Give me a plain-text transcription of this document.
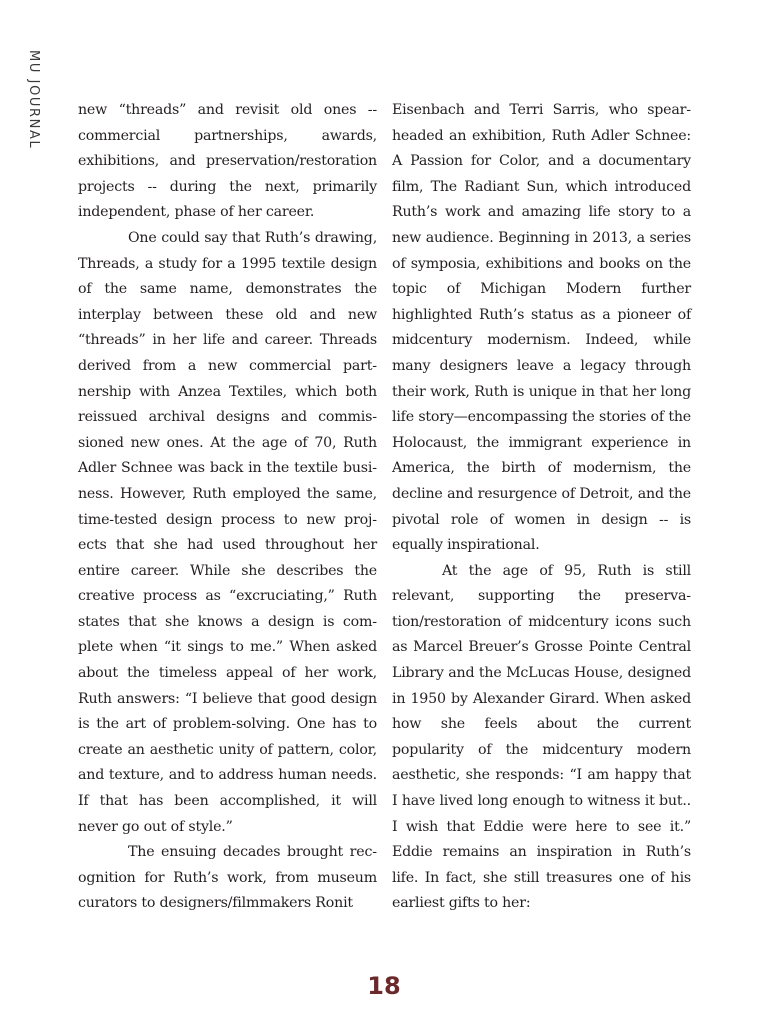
MU JOURNAL	new “threads” and revisit old ones -- commercial partnerships, awards, exhibitions, and preservation/restoration projects -- during the next, primarily independent, phase of her career.

One could say that Ruth’s drawing, Threads, a study for a 1995 textile design of the same name, demonstrates the interplay between these old and new “threads” in her life and career. Threads derived from a new commercial partnership with Anzea Textiles, which both reissued archival designs and commissioned new ones. At the age of 70, Ruth Adler Schnee was back in the textile business. However, Ruth employed the same, time-tested design process to new projects that she had used throughout her entire career. While she describes the creative process as “excruciating,” Ruth states that she knows a design is complete when “it sings to me.” When asked about the timeless appeal of her work, Ruth answers: “I believe that good design is the art of problem-solving. One has to create an aesthetic unity of pattern, color, and texture, and to address human needs. If that has been accomplished, it will never go out of style.”

The ensuing decades brought recognition for Ruth’s work, from museum curators to designers/filmmakers Ronit

Eisenbach and Terri Sarris, who spearheaded an exhibition, Ruth Adler Schnee: A Passion for Color, and a documentary film, The Radiant Sun, which introduced Ruth’s work and amazing life story to a new audience. Beginning in 2013, a series of symposia, exhibitions and books on the topic of Michigan Modern further highlighted Ruth’s status as a pioneer of midcentury modernism. Indeed, while many designers leave a legacy through their work, Ruth is unique in that her long life story—encompassing the stories of the Holocaust, the immigrant experience in America, the birth of modernism, the decline and resurgence of Detroit, and the pivotal role of women in design -- is equally inspirational.

At the age of 95, Ruth is still relevant, supporting the preservation/restoration of midcentury icons such as Marcel Breuer’s Grosse Pointe Central Library and the McLucas House, designed in 1950 by Alexander Girard. When asked how she feels about the current popularity of the midcentury modern aesthetic, she responds: “I am happy that I have lived long enough to witness it but.. I wish that Eddie were here to see it.” Eddie remains an inspiration in Ruth’s life. In fact, she still treasures one of his earliest gifts to her:

18
